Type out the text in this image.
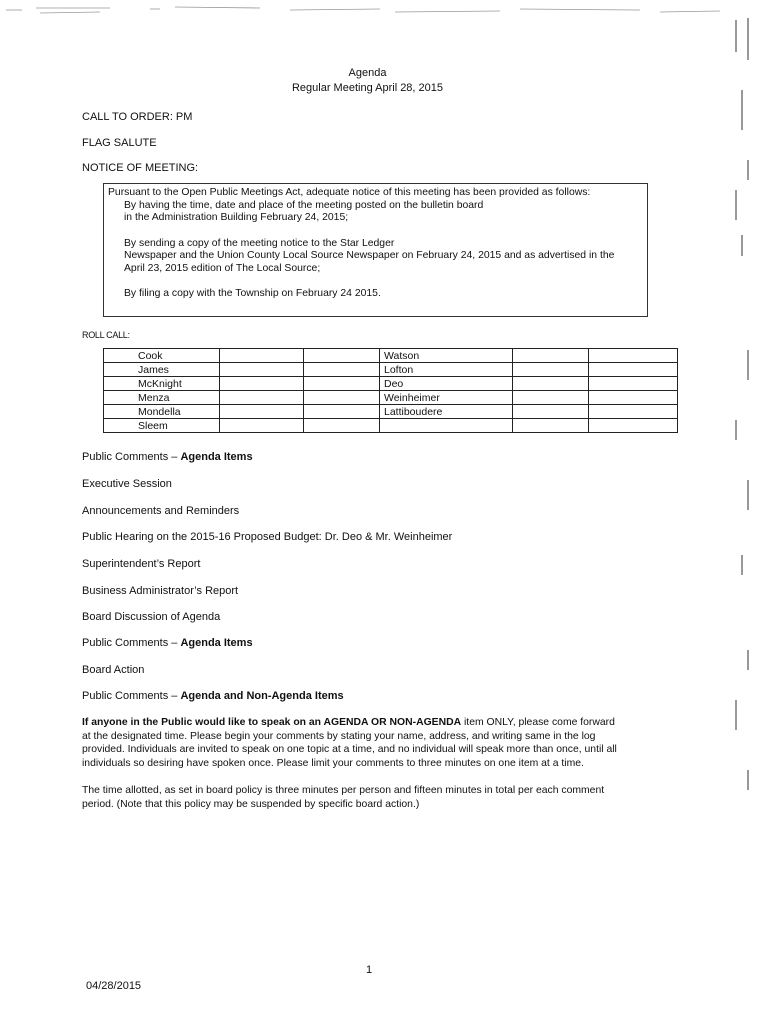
Agenda
Regular Meeting April 28, 2015
CALL TO ORDER: PM
FLAG SALUTE
NOTICE OF MEETING:

Pursuant to the Open Public Meetings Act, adequate notice of this meeting has been provided as follows:

By having the time, date and place of the meeting posted on the bulletin board

in the Administration Building February 24, 2015;

By sending a copy of the meeting notice to the Star Ledger

Newspaper and the Union County Local Source Newspaper on February 24, 2015 and as advertised in the

April 23, 2015 edition of The Local Source;

By filing a copy with the Township on February 24 2015.

ROLL CALL:
Cook			Watson		
James			Lofton		
McKnight			Deo		
Menza			Weinheimer		
Mondella			Lattiboudere		
Sleem					
Public Comments – Agenda Items
Executive Session
Announcements and Reminders
Public Hearing on the 2015-16 Proposed Budget: Dr. Deo & Mr. Weinheimer
Superintendent’s Report
Business Administrator’s Report
Board Discussion of Agenda
Public Comments – Agenda Items
Board Action
Public Comments – Agenda and Non-Agenda Items

If anyone in the Public would like to speak on an AGENDA OR NON-AGENDA item ONLY, please come forward

at the designated time. Please begin your comments by stating your name, address, and writing same in the log

provided. Individuals are invited to speak on one topic at a time, and no individual will speak more than once, until all

individuals so desiring have spoken once. Please limit your comments to three minutes on one item at a time.

The time allotted, as set in board policy is three minutes per person and fifteen minutes in total per each comment

period. (Note that this policy may be suspended by specific board action.)

1
04/28/2015
